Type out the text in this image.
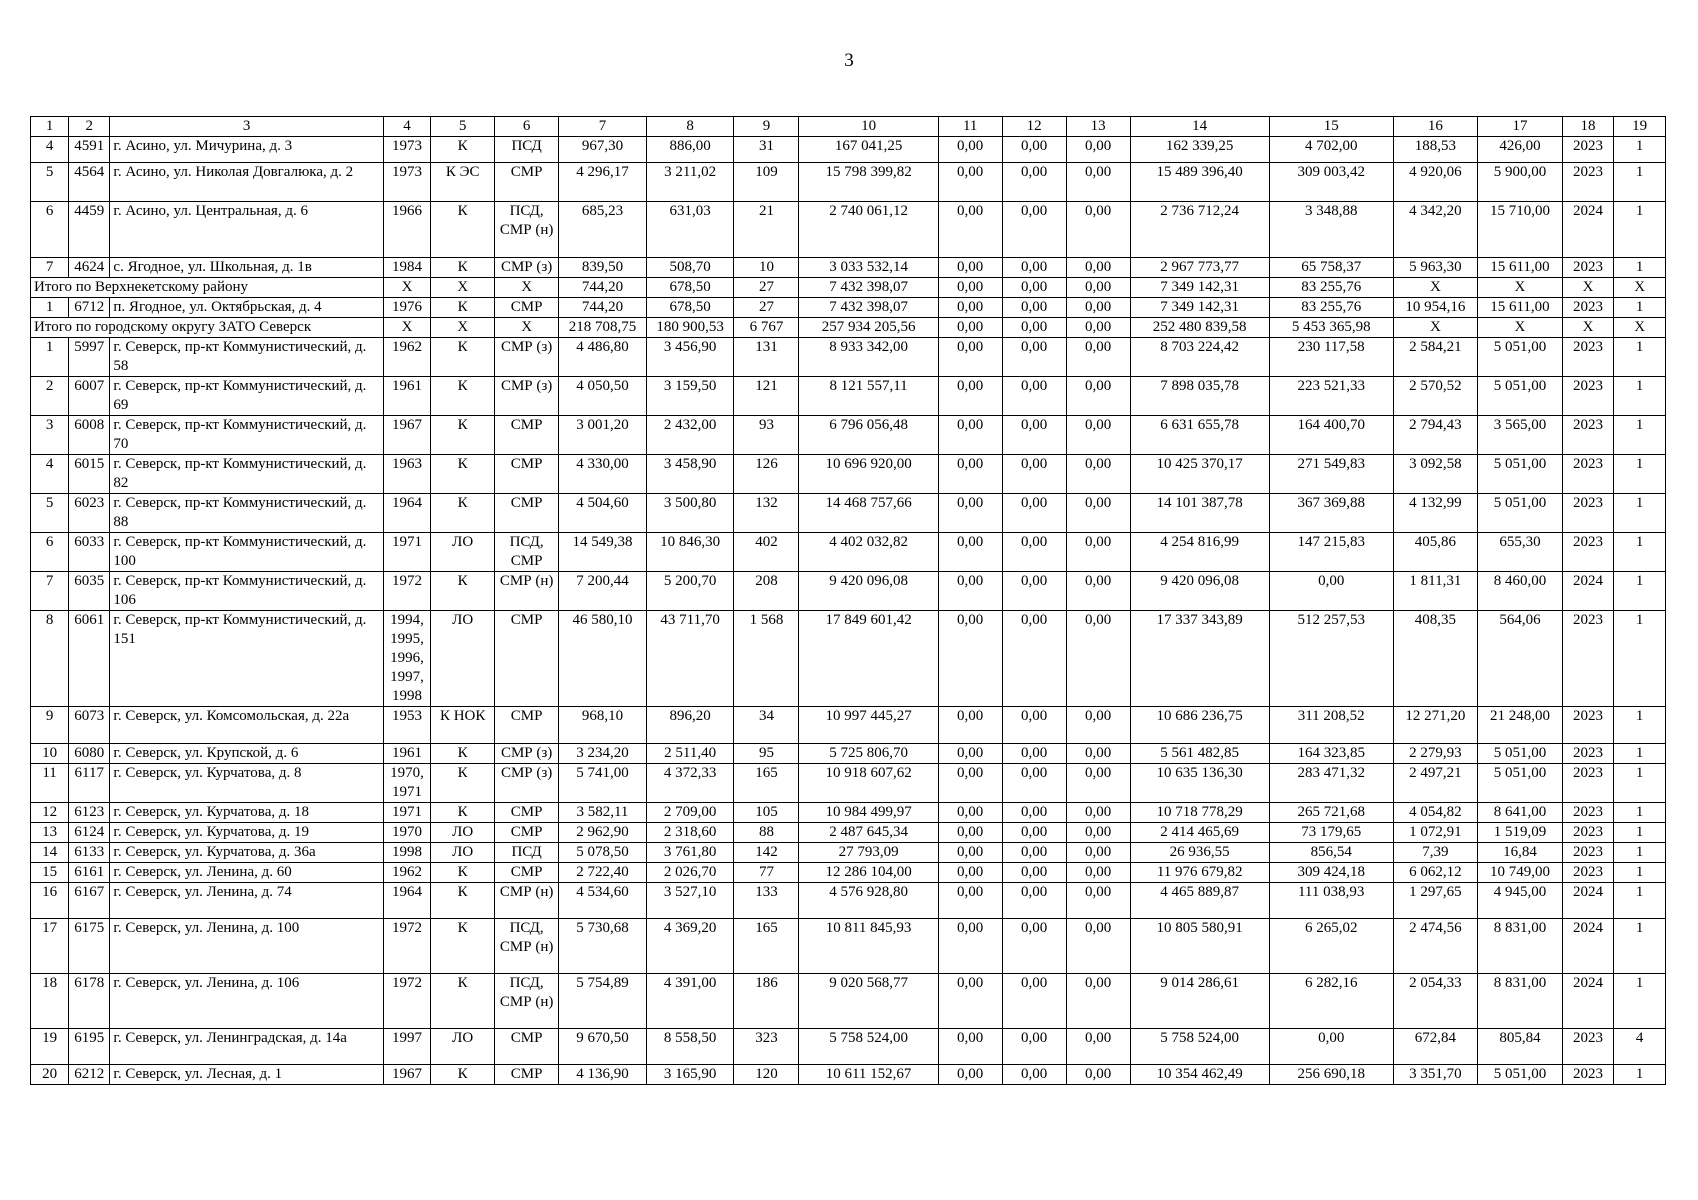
3
1	2	3	4	5	6	7	8	9	10	11	12	13	14	15	16	17	18	19
4	4591	г. Асино, ул. Мичурина, д. 3	1973	К	ПСД	967,30	886,00	31	167 041,25	0,00	0,00	0,00	162 339,25	4 702,00	188,53	426,00	2023	1
5	4564	г. Асино, ул. Николая Довгалюка, д. 2	1973	К ЭС	СМР	4 296,17	3 211,02	109	15 798 399,82	0,00	0,00	0,00	15 489 396,40	309 003,42	4 920,06	5 900,00	2023	1
6	4459	г. Асино, ул. Центральная, д. 6	1966	К	ПСД, СМР (н)	685,23	631,03	21	2 740 061,12	0,00	0,00	0,00	2 736 712,24	3 348,88	4 342,20	15 710,00	2024	1
7	4624	с. Ягодное, ул. Школьная, д. 1в	1984	К	СМР (з)	839,50	508,70	10	3 033 532,14	0,00	0,00	0,00	2 967 773,77	65 758,37	5 963,30	15 611,00	2023	1
Итого по Верхнекетскому району			Х	Х	Х	744,20	678,50	27	7 432 398,07	0,00	0,00	0,00	7 349 142,31	83 255,76	Х	Х	Х	Х
1	6712	п. Ягодное, ул. Октябрьская, д. 4	1976	К	СМР	744,20	678,50	27	7 432 398,07	0,00	0,00	0,00	7 349 142,31	83 255,76	10 954,16	15 611,00	2023	1
Итого по городскому округу ЗАТО Северск			Х	Х	Х	218 708,75	180 900,53	6 767	257 934 205,56	0,00	0,00	0,00	252 480 839,58	5 453 365,98	Х	Х	Х	Х
1	5997	г. Северск, пр-кт Коммунистический, д. 58	1962	К	СМР (з)	4 486,80	3 456,90	131	8 933 342,00	0,00	0,00	0,00	8 703 224,42	230 117,58	2 584,21	5 051,00	2023	1
2	6007	г. Северск, пр-кт Коммунистический, д. 69	1961	К	СМР (з)	4 050,50	3 159,50	121	8 121 557,11	0,00	0,00	0,00	7 898 035,78	223 521,33	2 570,52	5 051,00	2023	1
3	6008	г. Северск, пр-кт Коммунистический, д. 70	1967	К	СМР	3 001,20	2 432,00	93	6 796 056,48	0,00	0,00	0,00	6 631 655,78	164 400,70	2 794,43	3 565,00	2023	1
4	6015	г. Северск, пр-кт Коммунистический, д. 82	1963	К	СМР	4 330,00	3 458,90	126	10 696 920,00	0,00	0,00	0,00	10 425 370,17	271 549,83	3 092,58	5 051,00	2023	1
5	6023	г. Северск, пр-кт Коммунистический, д. 88	1964	К	СМР	4 504,60	3 500,80	132	14 468 757,66	0,00	0,00	0,00	14 101 387,78	367 369,88	4 132,99	5 051,00	2023	1
6	6033	г. Северск, пр-кт Коммунистический, д. 100	1971	ЛО	ПСД, СМР	14 549,38	10 846,30	402	4 402 032,82	0,00	0,00	0,00	4 254 816,99	147 215,83	405,86	655,30	2023	1
7	6035	г. Северск, пр-кт Коммунистический, д. 106	1972	К	СМР (н)	7 200,44	5 200,70	208	9 420 096,08	0,00	0,00	0,00	9 420 096,08	0,00	1 811,31	8 460,00	2024	1
8	6061	г. Северск, пр-кт Коммунистический, д. 151	1994, 1995, 1996, 1997, 1998	ЛО	СМР	46 580,10	43 711,70	1 568	17 849 601,42	0,00	0,00	0,00	17 337 343,89	512 257,53	408,35	564,06	2023	1
9	6073	г. Северск, ул. Комсомольская, д. 22а	1953	К НОК	СМР	968,10	896,20	34	10 997 445,27	0,00	0,00	0,00	10 686 236,75	311 208,52	12 271,20	21 248,00	2023	1
10	6080	г. Северск, ул. Крупской, д. 6	1961	К	СМР (з)	3 234,20	2 511,40	95	5 725 806,70	0,00	0,00	0,00	5 561 482,85	164 323,85	2 279,93	5 051,00	2023	1
11	6117	г. Северск, ул. Курчатова, д. 8	1970, 1971	К	СМР (з)	5 741,00	4 372,33	165	10 918 607,62	0,00	0,00	0,00	10 635 136,30	283 471,32	2 497,21	5 051,00	2023	1
12	6123	г. Северск, ул. Курчатова, д. 18	1971	К	СМР	3 582,11	2 709,00	105	10 984 499,97	0,00	0,00	0,00	10 718 778,29	265 721,68	4 054,82	8 641,00	2023	1
13	6124	г. Северск, ул. Курчатова, д. 19	1970	ЛО	СМР	2 962,90	2 318,60	88	2 487 645,34	0,00	0,00	0,00	2 414 465,69	73 179,65	1 072,91	1 519,09	2023	1
14	6133	г. Северск, ул. Курчатова, д. 36а	1998	ЛО	ПСД	5 078,50	3 761,80	142	27 793,09	0,00	0,00	0,00	26 936,55	856,54	7,39	16,84	2023	1
15	6161	г. Северск, ул. Ленина, д. 60	1962	К	СМР	2 722,40	2 026,70	77	12 286 104,00	0,00	0,00	0,00	11 976 679,82	309 424,18	6 062,12	10 749,00	2023	1
16	6167	г. Северск, ул. Ленина, д. 74	1964	К	СМР (н)	4 534,60	3 527,10	133	4 576 928,80	0,00	0,00	0,00	4 465 889,87	111 038,93	1 297,65	4 945,00	2024	1
17	6175	г. Северск, ул. Ленина, д. 100	1972	К	ПСД, СМР (н)	5 730,68	4 369,20	165	10 811 845,93	0,00	0,00	0,00	10 805 580,91	6 265,02	2 474,56	8 831,00	2024	1
18	6178	г. Северск, ул. Ленина, д. 106	1972	К	ПСД, СМР (н)	5 754,89	4 391,00	186	9 020 568,77	0,00	0,00	0,00	9 014 286,61	6 282,16	2 054,33	8 831,00	2024	1
19	6195	г. Северск, ул. Ленинградская, д. 14а	1997	ЛО	СМР	9 670,50	8 558,50	323	5 758 524,00	0,00	0,00	0,00	5 758 524,00	0,00	672,84	805,84	2023	4
20	6212	г. Северск, ул. Лесная, д. 1	1967	К	СМР	4 136,90	3 165,90	120	10 611 152,67	0,00	0,00	0,00	10 354 462,49	256 690,18	3 351,70	5 051,00	2023	1
